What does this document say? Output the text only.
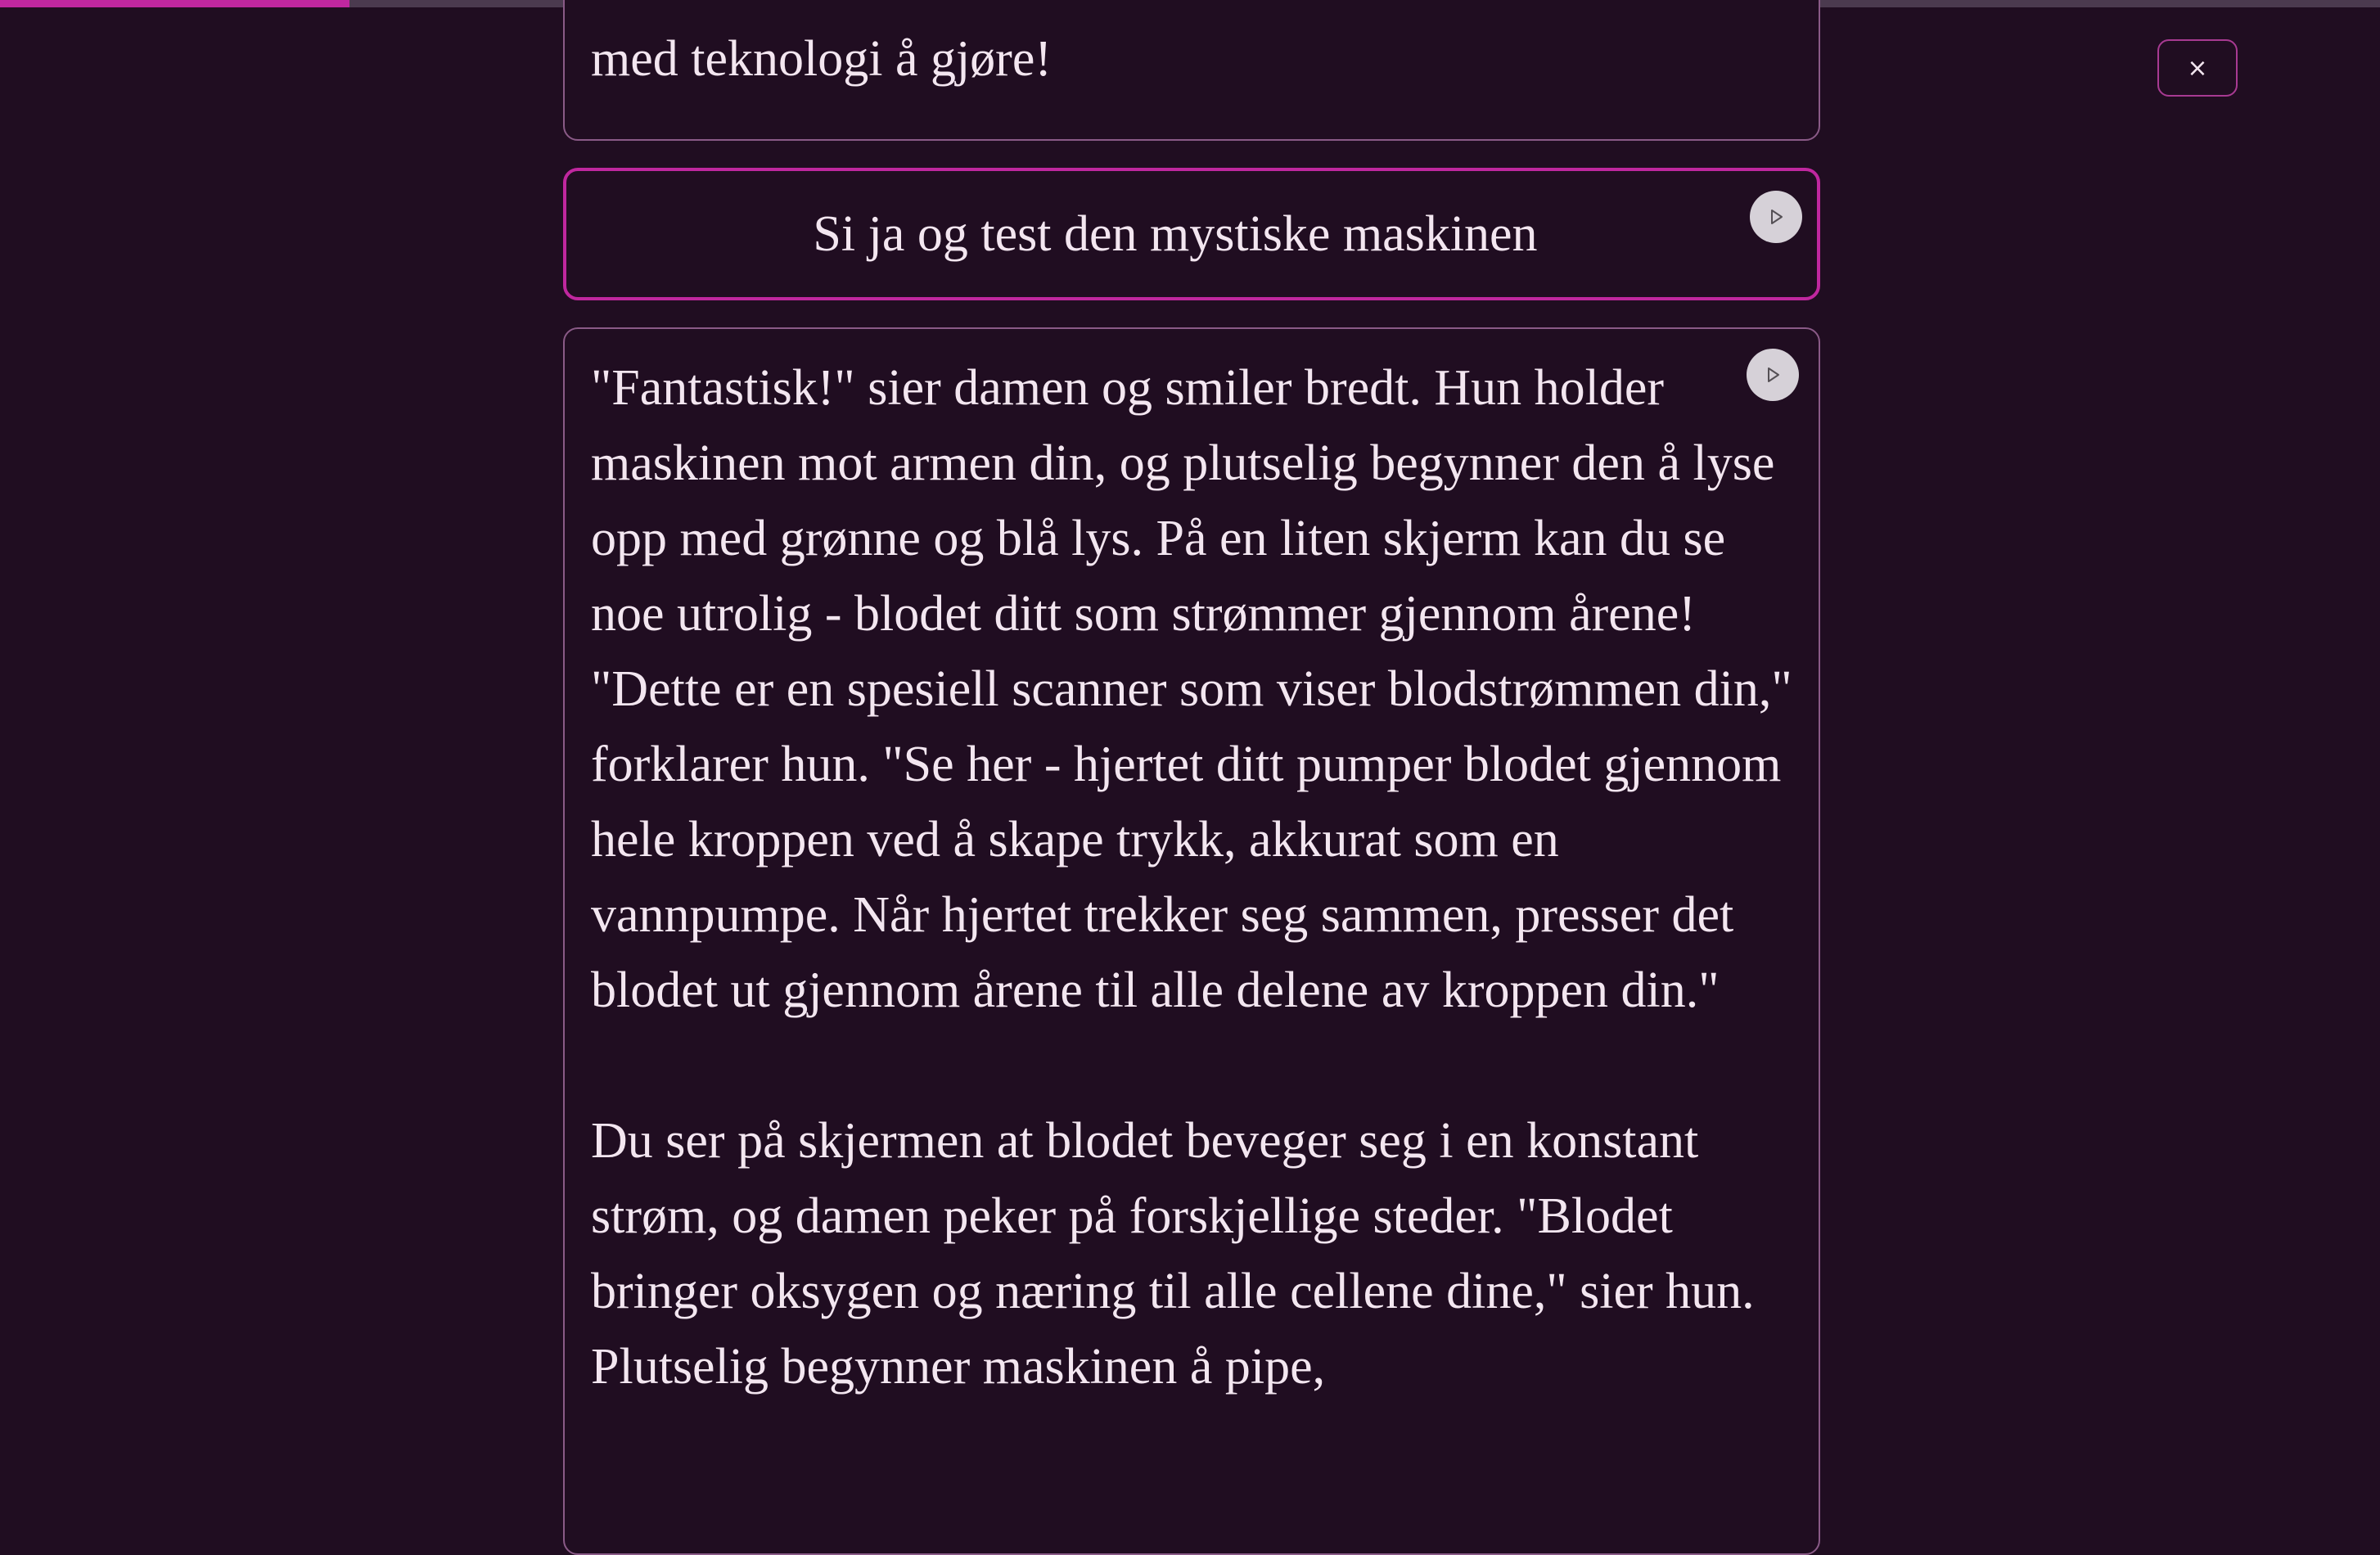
med teknologi å gjøre!	×
Si ja og test den mystiske maskinen

"Fantastisk!" sier damen og smiler bredt. Hun holder maskinen mot armen din, og plutselig begynner den å lyse opp med grønne og blå lys. På en liten skjerm kan du se noe utrolig - blodet ditt som strømmer gjennom årene! "Dette er en spesiell scanner som viser blodstrømmen din," forklarer hun. "Se her - hjertet ditt pumper blodet gjennom hele kroppen ved å skape trykk, akkurat som en vannpumpe. Når hjertet trekker seg sammen, presser det blodet ut gjennom årene til alle delene av kroppen din."

Du ser på skjermen at blodet beveger seg i en konstant strøm, og damen peker på forskjellige steder. "Blodet bringer oksygen og næring til alle cellene dine," sier hun. Plutselig begynner maskinen å pipe,
